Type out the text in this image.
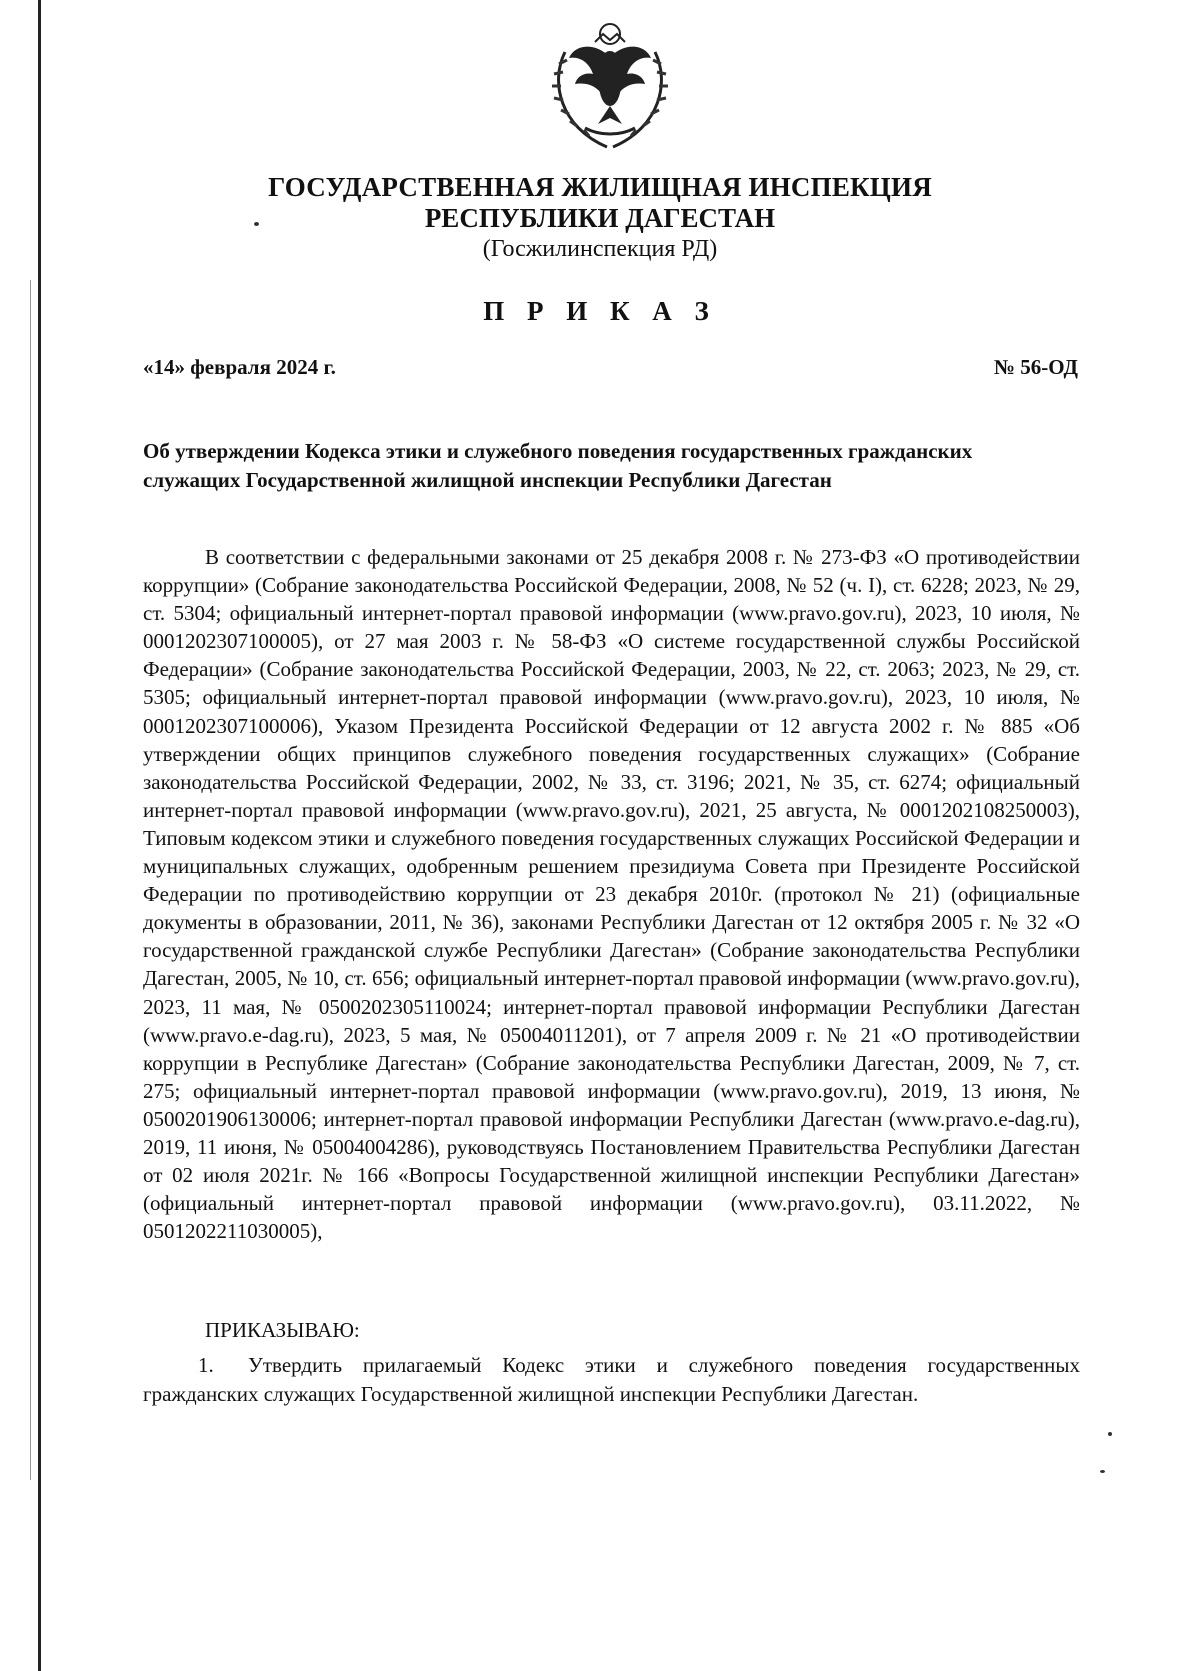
ГОСУДАРСТВЕННАЯ ЖИЛИЩНАЯ ИНСПЕКЦИЯ
РЕСПУБЛИКИ ДАГЕСТАН
(Госжилинспекция РД)
П Р И К А З
«14» февраля 2024 г.	№ 56-ОД
Об утверждении Кодекса этики и служебного поведения государственных гражданских служащих Государственной жилищной инспекции Республики Дагестан

В соответствии с федеральными законами от 25 декабря 2008 г. № 273-ФЗ «О противодействии коррупции» (Собрание законодательства Российской Федерации, 2008, № 52 (ч. I), ст. 6228; 2023, № 29, ст. 5304; официальный интернет-портал правовой информации (www.pravo.gov.ru), 2023, 10 июля, № 0001202307100005), от 27 мая 2003 г. № 58-ФЗ «О системе государственной службы Российской Федерации» (Собрание законодательства Российской Федерации, 2003, № 22, ст. 2063; 2023, № 29, ст. 5305; официальный интернет-портал правовой информации (www.pravo.gov.ru), 2023, 10 июля, № 0001202307100006), Указом Президента Российской Федерации от 12 августа 2002 г. № 885 «Об утверждении общих принципов служебного поведения государственных служащих» (Собрание законодательства Российской Федерации, 2002, № 33, ст. 3196; 2021, № 35, ст. 6274; официальный интернет-портал правовой информации (www.pravo.gov.ru), 2021, 25 августа, № 0001202108250003), Типовым кодексом этики и служебного поведения государственных служащих Российской Федерации и муниципальных служащих, одобренным решением президиума Совета при Президенте Российской Федерации по противодействию коррупции от 23 декабря 2010г. (протокол № 21) (официальные документы в образовании, 2011, № 36), законами Республики Дагестан от 12 октября 2005 г. № 32 «О государственной гражданской службе Республики Дагестан» (Собрание законодательства Республики Дагестан, 2005, № 10, ст. 656; официальный интернет-портал правовой информации (www.pravo.gov.ru), 2023, 11 мая, № 0500202305110024; интернет-портал правовой информации Республики Дагестан (www.pravo.e-dag.ru), 2023, 5 мая, № 05004011201), от 7 апреля 2009 г. № 21 «О противодействии коррупции в Республике Дагестан» (Собрание законодательства Республики Дагестан, 2009, № 7, ст. 275; официальный интернет-портал правовой информации (www.pravo.gov.ru), 2019, 13 июня, № 0500201906130006; интернет-портал правовой информации Республики Дагестан (www.pravo.e-dag.ru), 2019, 11 июня, № 05004004286), руководствуясь Постановлением Правительства Республики Дагестан от 02 июля 2021г. № 166 «Вопросы Государственной жилищной инспекции Республики Дагестан» (официальный интернет-портал правовой информации (www.pravo.gov.ru), 03.11.2022, № 0501202211030005),

ПРИКАЗЫВАЮ:
1. Утвердить прилагаемый Кодекс этики и служебного поведения государственных гражданских служащих Государственной жилищной инспекции Республики Дагестан.
